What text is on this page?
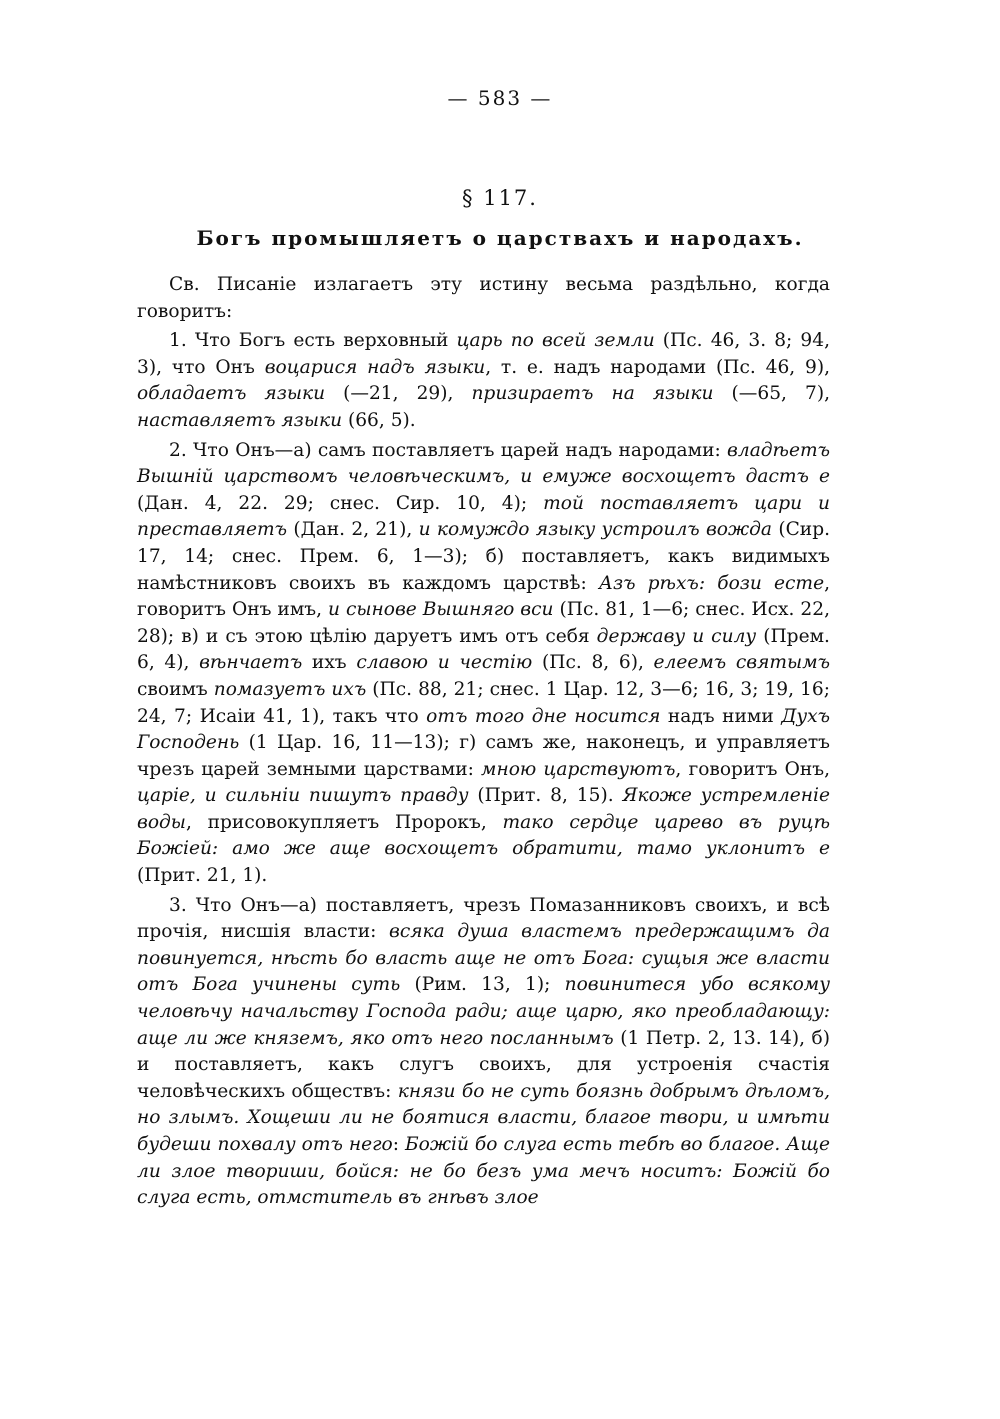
— 583 —
§ 117.
Богъ промышляетъ о царствахъ и народахъ.

Св. Писаніе излагаетъ эту истину весьма раздѣльно, когда говоритъ:

1. Что Богъ есть верховный царь по всей земли (Пс. 46, 3. 8; 94, 3), что Онъ воцарися надъ языки, т. е. надъ народами (Пс. 46, 9), обладаетъ языки (—21, 29), призираетъ на языки (—65, 7), наставляетъ языки (66, 5).

2. Что Онъ—а) самъ поставляетъ царей надъ народами: владѣетъ Вышній царствомъ человѣческимъ, и емуже восхощетъ дастъ е (Дан. 4, 22. 29; снес. Сир. 10, 4); той поставляетъ цари и преставляетъ (Дан. 2, 21), и комуждо языку устроилъ вожда (Сир. 17, 14; снес. Прем. 6, 1—3); б) поставляетъ, какъ видимыхъ намѣстниковъ своихъ въ каждомъ царствѣ: Азъ рѣхъ: бози есте, говоритъ Онъ имъ, и сынове Вышняго вси (Пс. 81, 1—6; снес. Исх. 22, 28); в) и съ этою цѣлію даруетъ имъ отъ себя державу и силу (Прем. 6, 4), вѣнчаетъ ихъ славою и честію (Пс. 8, 6), елеемъ святымъ своимъ помазуетъ ихъ (Пс. 88, 21; снес. 1 Цар. 12, 3—6; 16, 3; 19, 16; 24, 7; Исаіи 41, 1), такъ что отъ того дне носится надъ ними Духъ Господень (1 Цар. 16, 11—13); г) самъ же, наконецъ, и управляетъ чрезъ царей земными царствами: мною царствуютъ, говоритъ Онъ, царіе, и сильніи пишутъ правду (Прит. 8, 15). Якоже устремленіе воды, присовокупляетъ Пророкъ, тако сердце царево въ руцѣ Божіей: амо же аще восхощетъ обратити, тамо уклонитъ е (Прит. 21, 1).

3. Что Онъ—а) поставляетъ, чрезъ Помазанниковъ своихъ, и всѣ прочія, нисшія власти: всяка душа властемъ предержащимъ да повинуется, нѣсть бо власть аще не отъ Бога: сущыя же власти отъ Бога учинены суть (Рим. 13, 1); повинитеся убо всякому человѣчу начальству Господа ради; аще царю, яко преобладающу: аще ли же княземъ, яко отъ него посланнымъ (1 Петр. 2, 13. 14), б) и поставляетъ, какъ слугъ своихъ, для устроенія счастія человѣческихъ обществъ: князи бо не суть боязнь добрымъ дѣломъ, но злымъ. Хощеши ли не боятися власти, благое твори, и имѣти будеши похвалу отъ него: Божій бо слуга есть тебѣ во благое. Аще ли злое твориши, бойся: не бо безъ ума мечъ носитъ: Божій бо слуга есть, отмститель въ гнѣвъ злое
